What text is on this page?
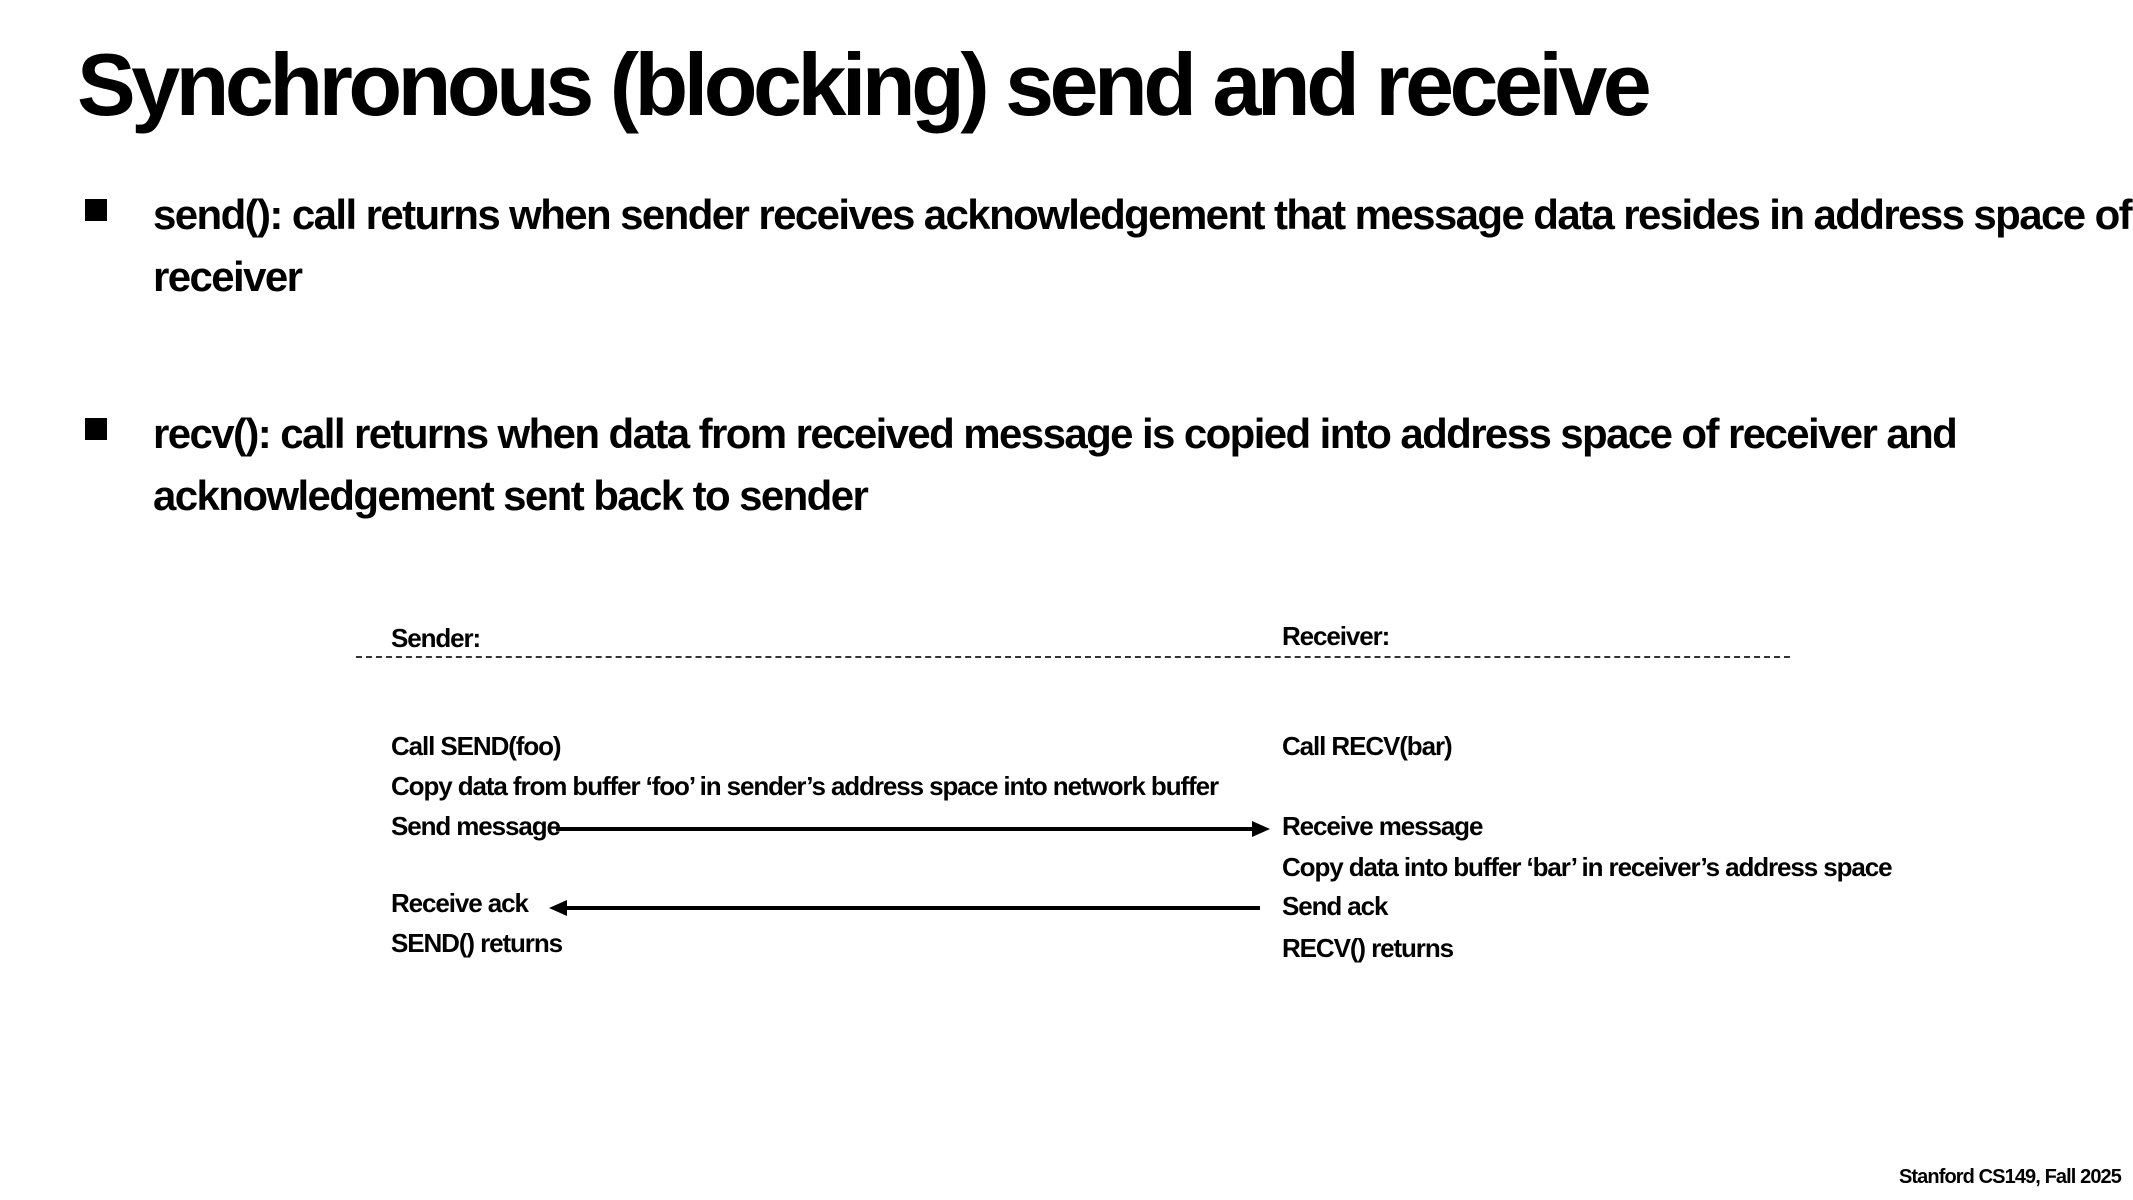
Synchronous (blocking) send and receive
send(): call returns when sender receives acknowledgement that message data resides in address space of receiver
recv(): call returns when data from received message is copied into address space of receiver and acknowledgement sent back to sender
Sender:	Receiver:
Call SEND(foo)
Copy data from buffer ‘foo’ in sender’s address space into network buffer
Send message
Receive ack
SEND() returns
Call RECV(bar)
Receive message
Copy data into buffer ‘bar’ in receiver’s address space
Send ack
RECV() returns
Stanford CS149, Fall 2025
